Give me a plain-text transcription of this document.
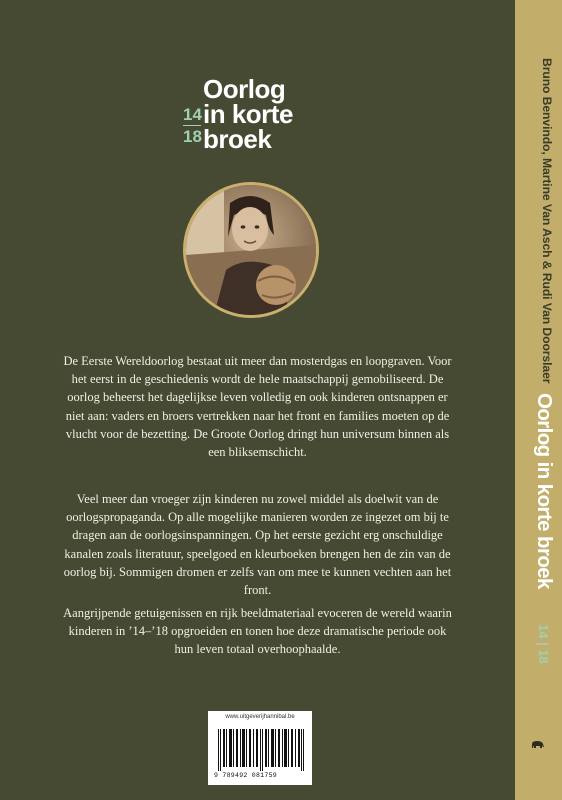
14
18
Oorlog
in korte
broek
De Eerste Wereldoorlog bestaat uit meer dan mosterdgas en loopgraven. Voor het eerst in de geschiedenis wordt de hele maatschappij gemobiliseerd. De oorlog beheerst het dagelijkse leven volledig en ook kinderen ontsnappen er niet aan: vaders en broers vertrekken naar het front en families moeten op de vlucht voor de bezetting. De Groote Oorlog dringt hun universum binnen als een bliksemschicht.
Veel meer dan vroeger zijn kinderen nu zowel middel als doelwit van de oorlogspropaganda. Op alle mogelijke manieren worden ze ingezet om bij te dragen aan de oorlogsinspanningen. Op het eerste gezicht erg onschuldige kanalen zoals literatuur, speelgoed en kleurboeken brengen hen de zin van de oorlog bij. Sommigen dromen er zelfs van om mee te kunnen vechten aan het front.
Aangrijpende getuigenissen en rijk beeldmateriaal evoceren de wereld waarin kinderen in ’14–’18 opgroeiden en tonen hoe deze dramatische periode ook hun leven totaal overhoophaalde.
www.uitgeverijhannibal.be
9 789492 081759
Bruno Benvindo, Martine Van Asch & Rudi Van Doorslaer
Oorlog in korte broek
14 | 18
